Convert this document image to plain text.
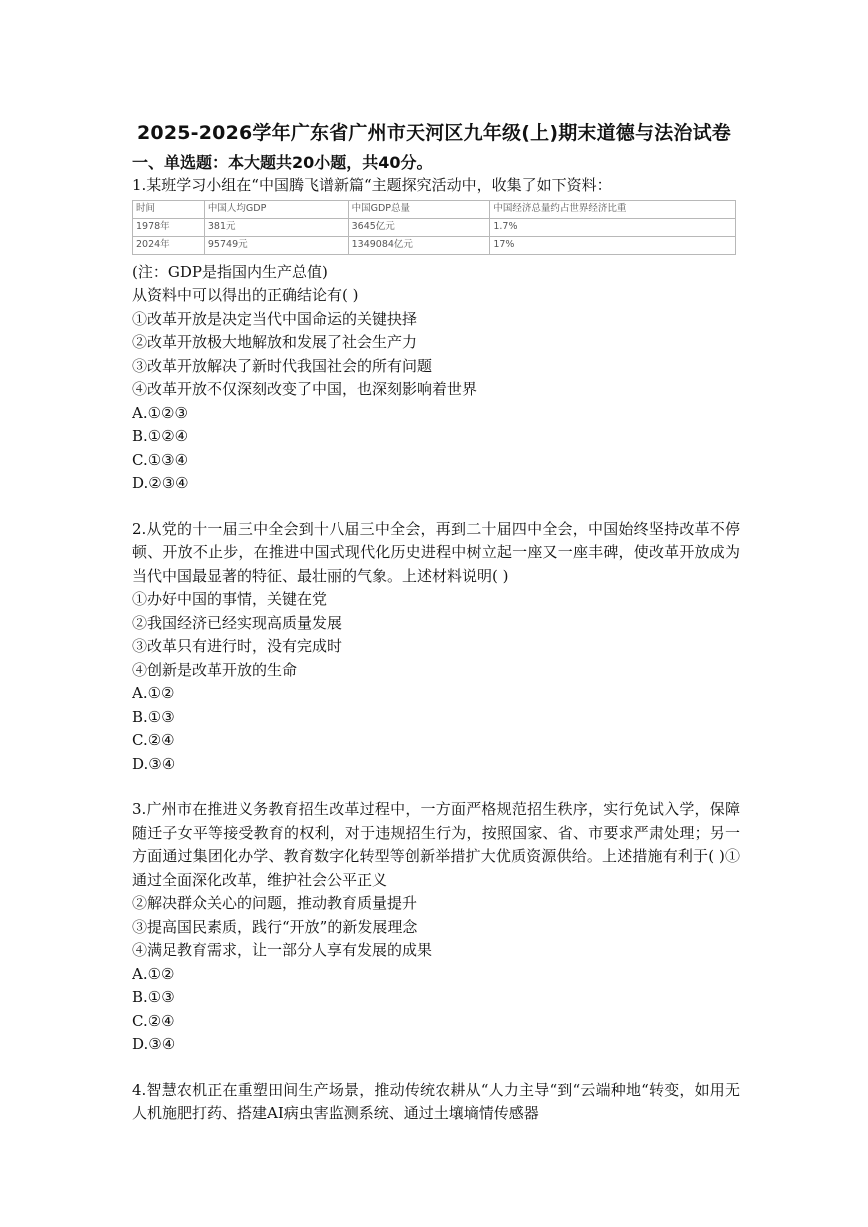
2025-2026学年广东省广州市天河区九年级(上)期末道德与法治试卷
一、单选题：本大题共20小题，共40分。
1.某班学习小组在“中国腾飞谱新篇“主题探究活动中，收集了如下资料：
时间	中国人均GDP	中国GDP总量	中国经济总量约占世界经济比重
1978年	381元	3645亿元	1.7%
2024年	95749元	1349084亿元	17%
(注：GDP是指国内生产总值)
从资料中可以得出的正确结论有( )
①改革开放是决定当代中国命运的关键抉择
②改革开放极大地解放和发展了社会生产力
③改革开放解决了新时代我国社会的所有问题
④改革开放不仅深刻改变了中国，也深刻影响着世界
A.①②③
B.①②④
C.①③④
D.②③④
2.从党的十一届三中全会到十八届三中全会，再到二十届四中全会，中国始终坚持改革不停顿、开放不止步，在推进中国式现代化历史进程中树立起一座又一座丰碑，使改革开放成为当代中国最显著的特征、最壮丽的气象。上述材料说明( )
①办好中国的事情，关键在党
②我国经济已经实现高质量发展
③改革只有进行时，没有完成时
④创新是改革开放的生命
A.①②
B.①③
C.②④
D.③④
3.广州市在推进义务教育招生改革过程中，一方面严格规范招生秩序，实行免试入学，保障随迁子女平等接受教育的权利，对于违规招生行为，按照国家、省、市要求严肃处理；另一方面通过集团化办学、教育数字化转型等创新举措扩大优质资源供给。上述措施有利于( )①通过全面深化改革，维护社会公平正义
②解决群众关心的问题，推动教育质量提升
③提高国民素质，践行“开放”的新发展理念
④满足教育需求，让一部分人享有发展的成果
A.①②
B.①③
C.②④
D.③④
4.智慧农机正在重塑田间生产场景，推动传统农耕从“人力主导“到“云端种地“转变，如用无人机施肥打药、搭建AI病虫害监测系统、通过土壤墒情传感器
